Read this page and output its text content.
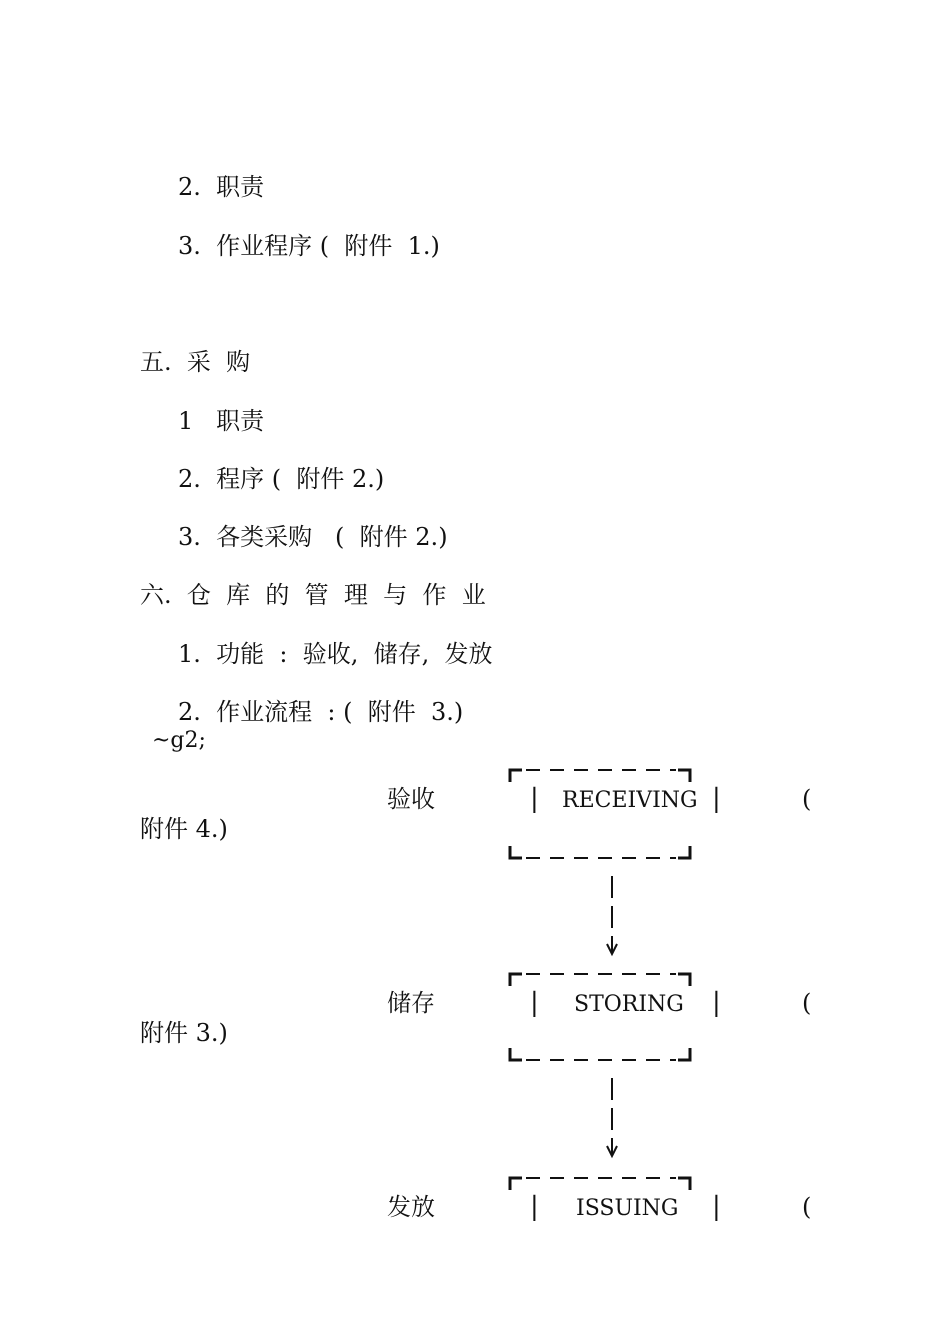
2.  职责
3.  作业程序 (  附件  1.)
五.  采  购
1   职责
2.  程序 (  附件 2.)
3.  各类采购   (  附件 2.)
六.  仓  库  的  管  理  与  作  业
1.  功能  :  验收,  储存,  发放
2.  作业流程  : (  附件  3.)
~g2;
验收	| RECEIVING |	(
附件 4.)
储存	| STORING |	(
附件 3.)
发放	| ISSUING |	(
